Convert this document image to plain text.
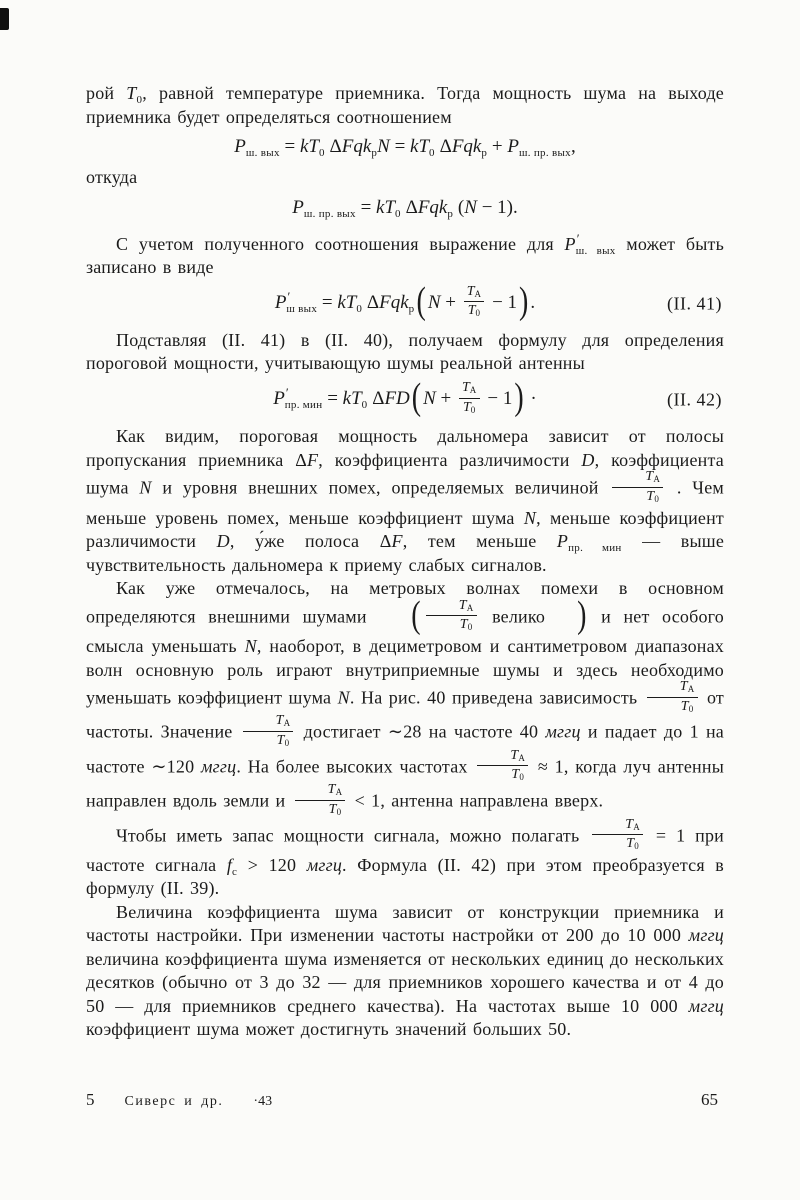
рой $T_0$, равной температуре приемника. Тогда мощность шума на выходе приемника будет определяться соотношением

$P_{ш. вых} = kT_0$ $\Delta Fqk_рN = kT_0$ $\Delta Fqk_р + P_{ш. пр. вых}$,

откуда

$P_{ш. пр. вых} = kT_0$ ΔFqk$_р$ (N − 1).

С учетом полученного соотношения выражение для $P'_{ш. вых}$ может быть записано в виде

$P'_{ш вых} = kT_0$ ΔFqk$_р$( $N + \frac{T_А}{T_0} - 1$) .	(II. 41)

Подставляя (II. 41) в (II. 40), получаем формулу для определения пороговой мощности, учитывающую шумы реальной антенны

$P'_{пр. мин} = kT_0$ ΔFD( $N + \frac{T_А}{T_0} - 1$) ·	(II. 42)

Как видим, пороговая мощность дальномера зависит от полосы пропускания приемника ΔF, коэффициента различимости D, коэффициента шума N и уровня внешних помех, определяемых величиной $\frac{T_А}{T_0}$ . Чем меньше уровень помех, меньше коэффициент шума N, меньше коэффициент различимости D, у́же полоса ΔF, тем меньше $P_{пр. мин}$ — выше чувствительность дальномера к приему слабых сигналов.

Как уже отмечалось, на метровых волнах помехи в основном определяются внешними шумами ( $\frac{T_А}{T_0}$ велико ) и нет особого смысла уменьшать N, наоборот, в дециметровом и сантиметровом диапазонах волн основную роль играют внутриприемные шумы и здесь необходимо уменьшать коэффициент шума N. На рис. 40 приведена зависимость $\frac{T_А}{T_0}$ от частоты. Значение $\frac{T_А}{T_0}$ достигает ∼28 на частоте 40 мггц и падает до 1 на частоте ∼120 мггц. На более высоких частотах $\frac{T_А}{T_0} \approx 1$, когда луч антенны направлен вдоль земли и $\frac{T_А}{T_0} < 1$, антенна направлена вверх.

Чтобы иметь запас мощности сигнала, можно полагать $\frac{T_А}{T_0} = 1$ при частоте сигнала $f_с > 120$ мггц. Формула (II. 42) при этом преобразуется в формулу (II. 39).

Величина коэффициента шума зависит от конструкции приемника и частоты настройки. При изменении частоты настройки от 200 до 10 000 мггц величина коэффициента шума изменяется от нескольких единиц до нескольких десятков (обычно от 3 до 32 — для приемников хорошего качества и от 4 до 50 — для приемников среднего качества). На частотах выше 10 000 мггц коэффициент шума может достигнуть значений больших 50.

5 Сиверс и др. ·43	65
